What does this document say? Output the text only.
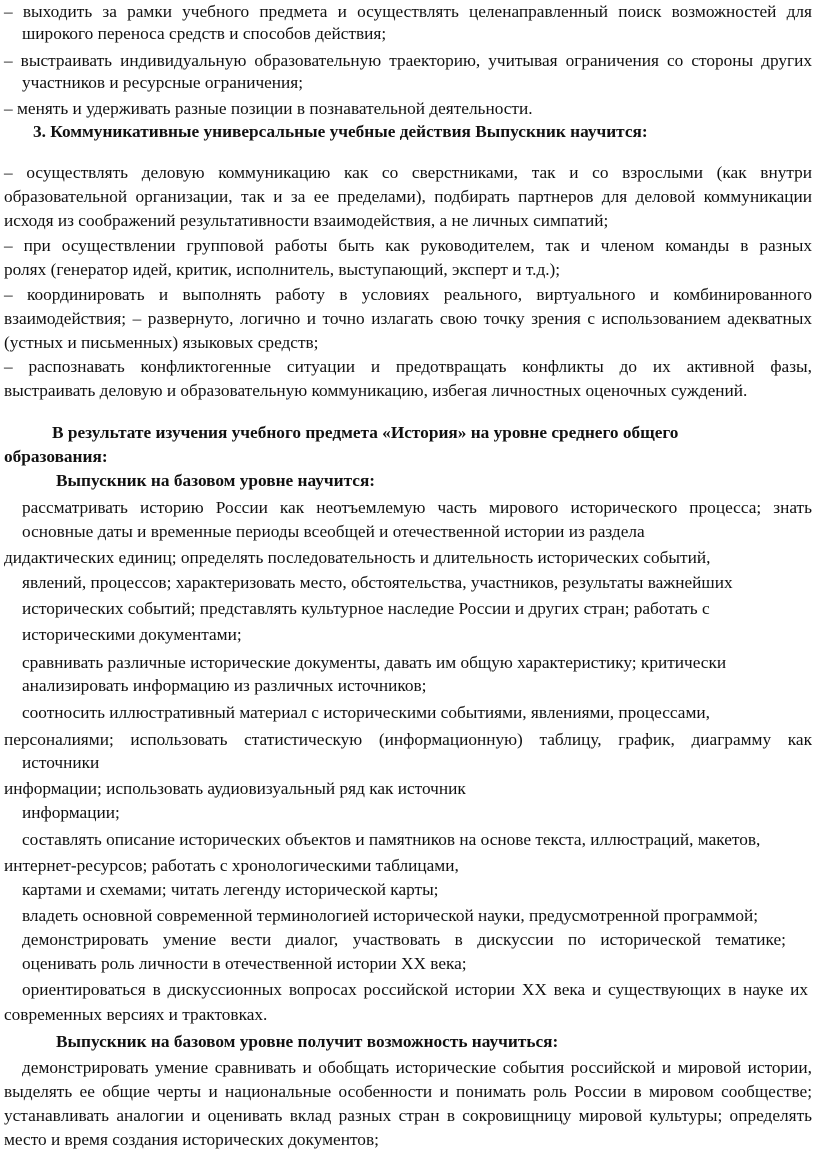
– выходить за рамки учебного предмета и осуществлять целенаправленный поиск возможностей для
широкого переноса средств и способов действия;
– выстраивать индивидуальную образовательную траекторию, учитывая ограничения со стороны других
участников и ресурсные ограничения;
– менять и удерживать разные позиции в познавательной деятельности.
3. Коммуникативные универсальные учебные действия Выпускник научится:
– осуществлять деловую коммуникацию как со сверстниками, так и со взрослыми (как внутри
образовательной организации, так и за ее пределами), подбирать партнеров для деловой коммуникации
исходя из соображений результативности взаимодействия, а не личных симпатий;
– при осуществлении групповой работы быть как руководителем, так и членом команды в разных
ролях (генератор идей, критик, исполнитель, выступающий, эксперт и т.д.);
– координировать и выполнять работу в условиях реального, виртуального и комбинированного
взаимодействия; – развернуто, логично и точно излагать свою точку зрения с использованием адекватных
(устных и письменных) языковых средств;
– распознавать конфликтогенные ситуации и предотвращать конфликты до их активной фазы,
выстраивать деловую и образовательную коммуникацию, избегая личностных оценочных суждений.
В результате изучения учебного предмета «История» на уровне среднего общего
образования:
Выпускник на базовом уровне научится:
рассматривать историю России как неотъемлемую часть мирового исторического процесса; знать
основные даты и временные периоды всеобщей и отечественной истории из раздела
дидактических единиц; определять последовательность и длительность исторических событий,
явлений, процессов; характеризовать место, обстоятельства, участников, результаты важнейших
исторических событий; представлять культурное наследие России и других стран; работать с
историческими документами;
сравнивать различные исторические документы, давать им общую характеристику; критически
анализировать информацию из различных источников;
соотносить иллюстративный материал с историческими событиями, явлениями, процессами,
персоналиями; использовать статистическую (информационную) таблицу, график, диаграмму как
источники
информации; использовать аудиовизуальный ряд как источник
информации;
составлять описание исторических объектов и памятников на основе текста, иллюстраций, макетов,
интернет-ресурсов; работать с хронологическими таблицами,
картами и схемами; читать легенду исторической карты;
владеть основной современной терминологией исторической науки, предусмотренной программой;
демонстрировать умение вести диалог, участвовать в дискуссии по исторической тематике;
оценивать роль личности в отечественной истории XX века;
ориентироваться в дискуссионных вопросах российской истории XX века и существующих в науке их
современных версиях и трактовках.
Выпускник на базовом уровне получит возможность научиться:
демонстрировать умение сравнивать и обобщать исторические события российской и мировой истории,
выделять ее общие черты и национальные особенности и понимать роль России в мировом сообществе;
устанавливать аналогии и оценивать вклад разных стран в сокровищницу мировой культуры; определять
место и время создания исторических документов;
